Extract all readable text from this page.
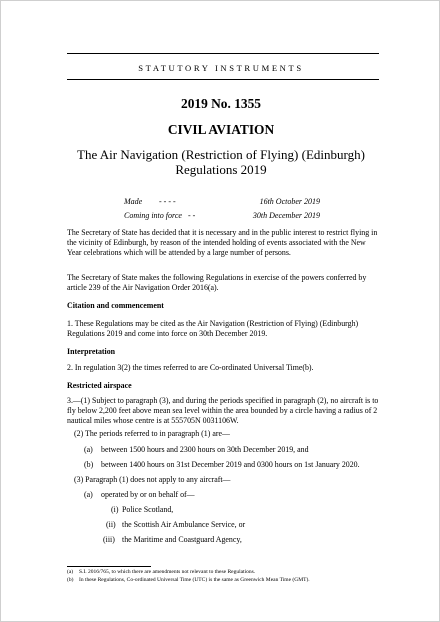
STATUTORY INSTRUMENTS
2019 No. 1355
CIVIL AVIATION
The Air Navigation (Restriction of Flying) (Edinburgh) Regulations 2019
Made - - - -	16th October 2019
Coming into force - -	30th December 2019
The Secretary of State has decided that it is necessary and in the public interest to restrict flying in the vicinity of Edinburgh, by reason of the intended holding of events associated with the New Year celebrations which will be attended by a large number of persons.
The Secretary of State makes the following Regulations in exercise of the powers conferred by article 239 of the Air Navigation Order 2016(a).
Citation and commencement
1. These Regulations may be cited as the Air Navigation (Restriction of Flying) (Edinburgh) Regulations 2019 and come into force on 30th December 2019.
Interpretation
2. In regulation 3(2) the times referred to are Co-ordinated Universal Time(b).
Restricted airspace
3.—(1) Subject to paragraph (3), and during the periods specified in paragraph (2), no aircraft is to fly below 2,200 feet above mean sea level within the area bounded by a circle having a radius of 2 nautical miles whose centre is at 555705N 0031106W.
(2) The periods referred to in paragraph (1) are—
(a) between 1500 hours and 2300 hours on 30th December 2019, and
(b) between 1400 hours on 31st December 2019 and 0300 hours on 1st January 2020.
(3) Paragraph (1) does not apply to any aircraft—
(a) operated by or on behalf of—
(i) Police Scotland,
(ii) the Scottish Air Ambulance Service, or
(iii) the Maritime and Coastguard Agency,
(a) S.I. 2016/765, to which there are amendments not relevant to these Regulations.
(b) In these Regulations, Co-ordinated Universal Time (UTC) is the same as Greenwich Mean Time (GMT).
